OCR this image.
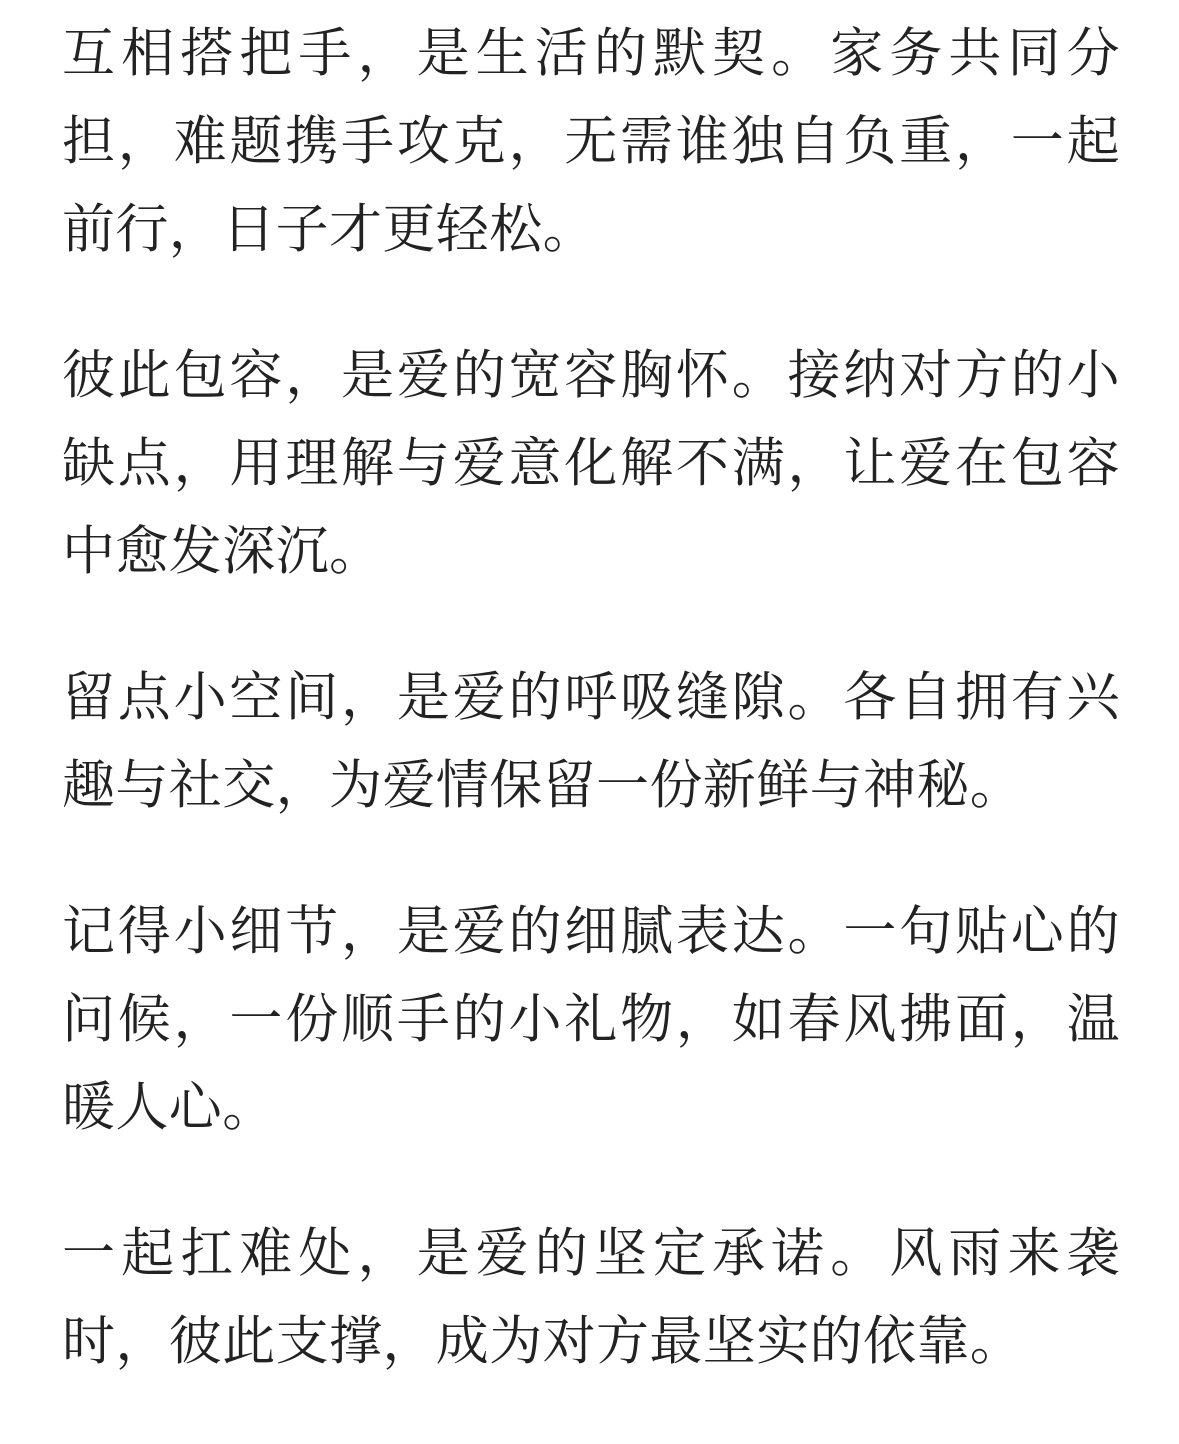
互相搭把手，是生活的默契。家务共同分担，难题携手攻克，无需谁独自负重，一起前行，日子才更轻松。

彼此包容，是爱的宽容胸怀。接纳对方的小缺点，用理解与爱意化解不满，让爱在包容中愈发深沉。

留点小空间，是爱的呼吸缝隙。各自拥有兴趣与社交，为爱情保留一份新鲜与神秘。

记得小细节，是爱的细腻表达。一句贴心的问候，一份顺手的小礼物，如春风拂面，温暖人心。

一起扛难处，是爱的坚定承诺。风雨来袭时，彼此支撑，成为对方最坚实的依靠。
